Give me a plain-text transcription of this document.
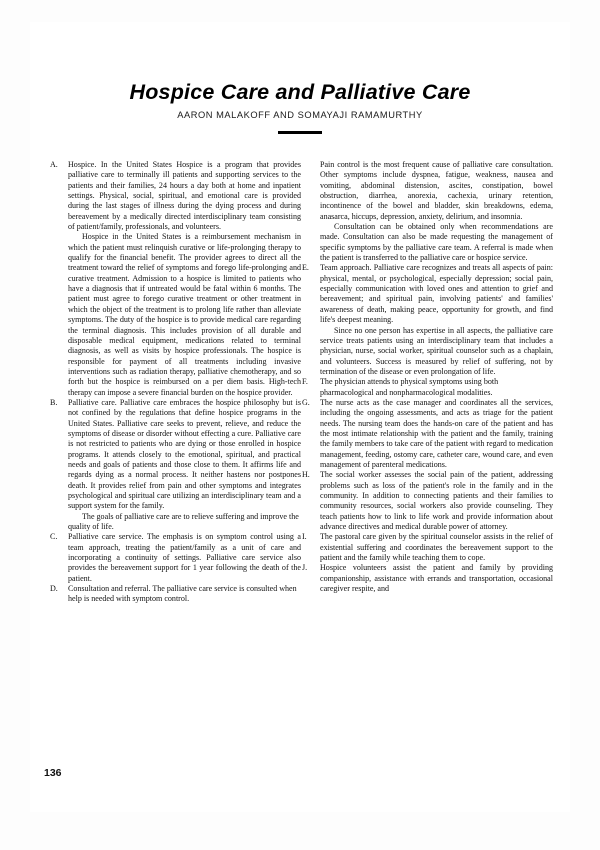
Hospice Care and Palliative Care
AARON MALAKOFF AND SOMAYAJI RAMAMURTHY
A.	Hospice. In the United States Hospice is a program that provides palliative care to terminally ill patients and supporting services to the patients and their families, 24 hours a day both at home and inpatient settings. Physical, social, spiritual, and emotional care is provided during the last stages of illness during the dying process and during bereavement by a medically directed interdisciplinary team consisting of patient/family, professionals, and volunteers.
Hospice in the United States is a reimbursement mechanism in which the patient must relinquish curative or life-prolonging therapy to qualify for the financial benefit. The provider agrees to direct all the treatment toward the relief of symptoms and forego life-prolonging and curative treatment. Admission to a hospice is limited to patients who have a diagnosis that if untreated would be fatal within 6 months. The patient must agree to forego curative treatment or other treatment in which the object of the treatment is to prolong life rather than alleviate symptoms. The duty of the hospice is to provide medical care regarding the terminal diagnosis. This includes provision of all durable and disposable medical equipment, medications related to terminal diagnosis, as well as visits by hospice professionals. The hospice is responsible for payment of all treatments including invasive interventions such as radiation therapy, palliative chemotherapy, and so forth but the hospice is reimbursed on a per diem basis. High-tech therapy can impose a severe financial burden on the hospice provider.
B.	Palliative care. Palliative care embraces the hospice philosophy but is not confined by the regulations that define hospice programs in the United States. Palliative care seeks to prevent, relieve, and reduce the symptoms of disease or disorder without effecting a cure. Palliative care is not restricted to patients who are dying or those enrolled in hospice programs. It attends closely to the emotional, spiritual, and practical needs and goals of patients and those close to them. It affirms life and regards dying as a normal process. It neither hastens nor postpones death. It provides relief from pain and other symptoms and integrates psychological and spiritual care utilizing an interdisciplinary team and a support system for the family.
The goals of palliative care are to relieve suffering and improve the quality of life.
C.	Palliative care service. The emphasis is on symptom control using a team approach, treating the patient/family as a unit of care and incorporating a continuity of settings. Palliative care service also provides the bereavement support for 1 year following the death of the patient.
D.	Consultation and referral. The palliative care service is consulted when help is needed with symptom control.
Pain control is the most frequent cause of palliative care consultation. Other symptoms include dyspnea, fatigue, weakness, nausea and vomiting, abdominal distension, ascites, constipation, bowel obstruction, diarrhea, anorexia, cachexia, urinary retention, incontinence of the bowel and bladder, skin breakdowns, edema, anasarca, hiccups, depression, anxiety, delirium, and insomnia.
Consultation can be obtained only when recommendations are made. Consultation can also be made requesting the management of specific symptoms by the palliative care team. A referral is made when the patient is transferred to the palliative care or hospice service.
E.	Team approach. Palliative care recognizes and treats all aspects of pain: physical, mental, or psychological, especially depression; social pain, especially communication with loved ones and attention to grief and bereavement; and spiritual pain, involving patients' and families' awareness of death, making peace, opportunity for growth, and find life's deepest meaning.
Since no one person has expertise in all aspects, the palliative care service treats patients using an interdisciplinary team that includes a physician, nurse, social worker, spiritual counselor such as a chaplain, and volunteers. Success is measured by relief of suffering, not by termination of the disease or even prolongation of life.
F.	The physician attends to physical symptoms using both pharmacological and nonpharmacological modalities.
G.	The nurse acts as the case manager and coordinates all the services, including the ongoing assessments, and acts as triage for the patient needs. The nursing team does the hands-on care of the patient and has the most intimate relationship with the patient and the family, training the family members to take care of the patient with regard to medication management, feeding, ostomy care, catheter care, wound care, and even management of parenteral medications.
H.	The social worker assesses the social pain of the patient, addressing problems such as loss of the patient's role in the family and in the community. In addition to connecting patients and their families to community resources, social workers also provide counseling. They teach patients how to link to life work and provide information about advance directives and medical durable power of attorney.
I.	The pastoral care given by the spiritual counselor assists in the relief of existential suffering and coordinates the bereavement support to the patient and the family while teaching them to cope.
J.	Hospice volunteers assist the patient and family by providing companionship, assistance with errands and transportation, occasional caregiver respite, and
136
